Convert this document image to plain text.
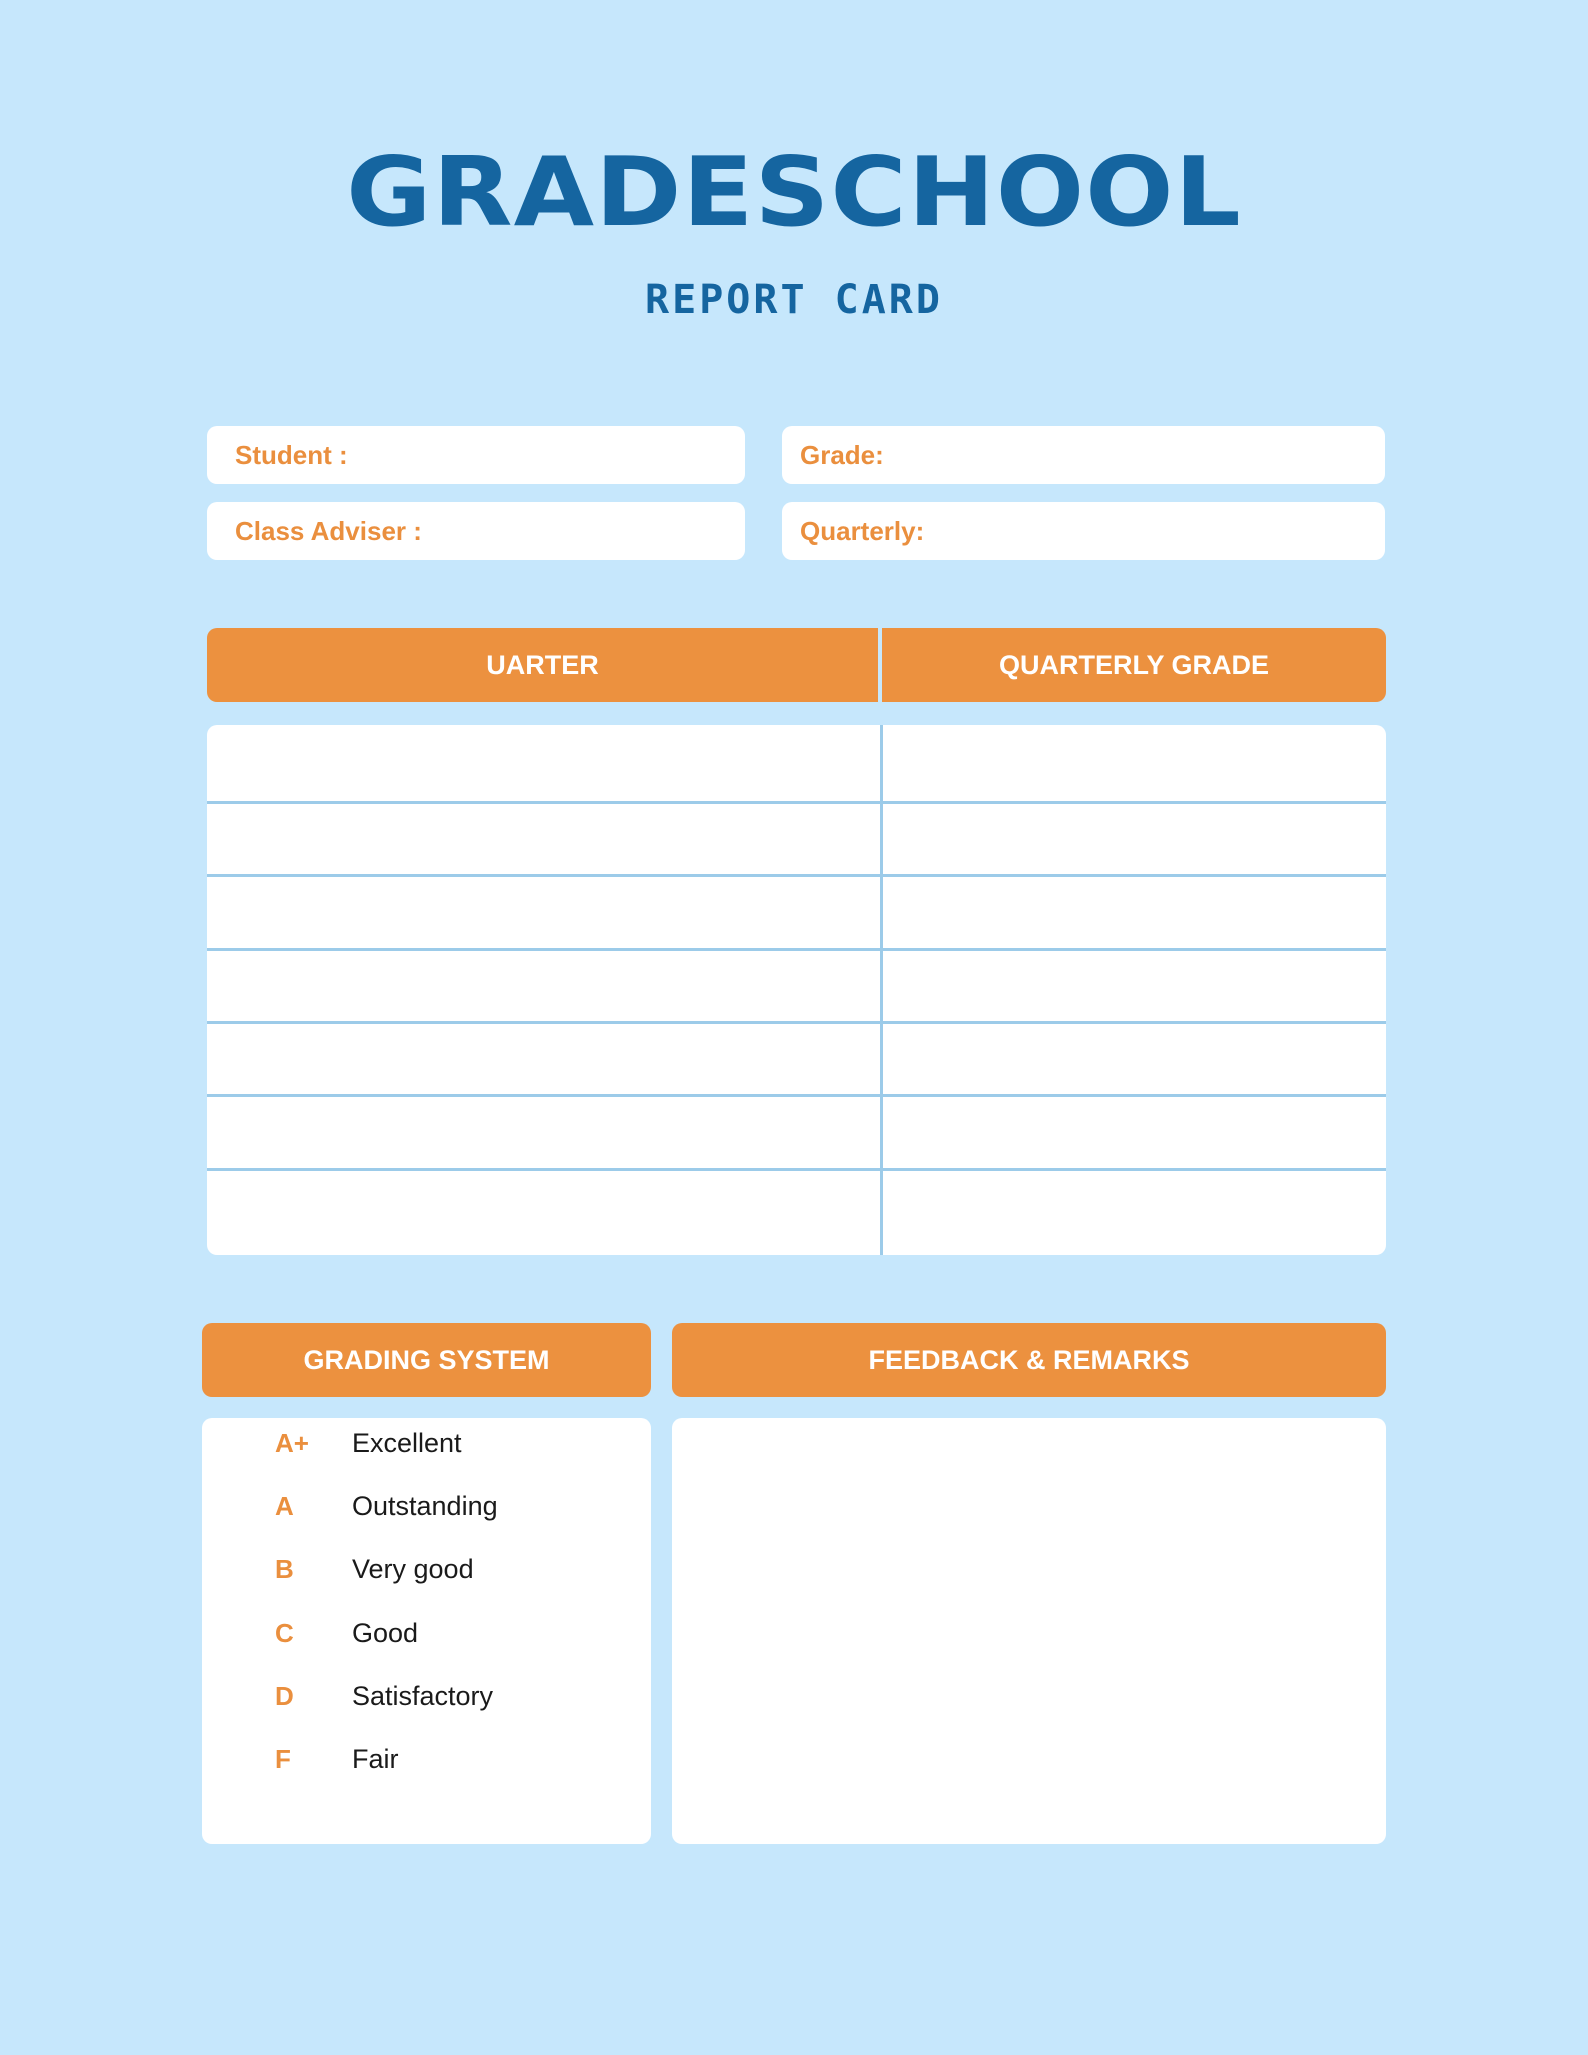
GRADESCHOOL
REPORT CARD
Student :	Grade:
Class Adviser :	Quarterly:
UARTER	QUARTERLY GRADE
GRADING SYSTEM
A+ Excellent
A Outstanding
B Very good
C Good
D Satisfactory
F Fair
FEEDBACK & REMARKS
